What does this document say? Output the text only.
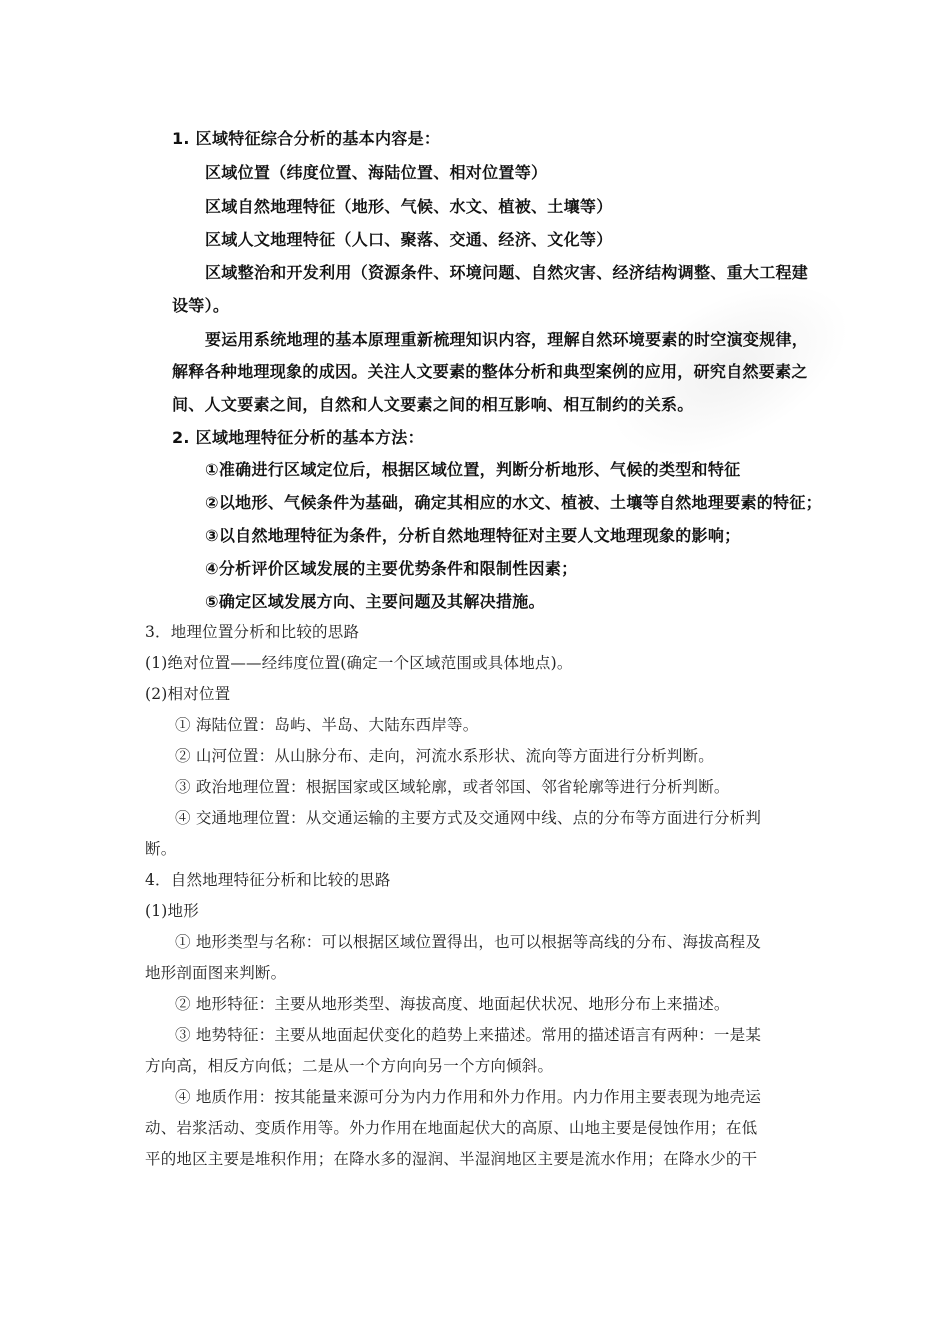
1. 区域特征综合分析的基本内容是：
区域位置（纬度位置、海陆位置、相对位置等）
区域自然地理特征（地形、气候、水文、植被、土壤等）
区域人文地理特征（人口、聚落、交通、经济、文化等）
区域整治和开发利用（资源条件、环境问题、自然灾害、经济结构调整、重大工程建
设等）。
要运用系统地理的基本原理重新梳理知识内容，理解自然环境要素的时空演变规律，
解释各种地理现象的成因。关注人文要素的整体分析和典型案例的应用，研究自然要素之
间、人文要素之间，自然和人文要素之间的相互影响、相互制约的关系。
2. 区域地理特征分析的基本方法：
①准确进行区域定位后，根据区域位置，判断分析地形、气候的类型和特征
②以地形、气候条件为基础，确定其相应的水文、植被、土壤等自然地理要素的特征；
③以自然地理特征为条件，分析自然地理特征对主要人文地理现象的影响；
④分析评价区域发展的主要优势条件和限制性因素；
⑤确定区域发展方向、主要问题及其解决措施。
3．地理位置分析和比较的思路
(1)绝对位置——经纬度位置(确定一个区域范围或具体地点)。
(2)相对位置
① 海陆位置：岛屿、半岛、大陆东西岸等。
② 山河位置：从山脉分布、走向，河流水系形状、流向等方面进行分析判断。
③ 政治地理位置：根据国家或区域轮廓，或者邻国、邻省轮廓等进行分析判断。
④ 交通地理位置：从交通运输的主要方式及交通网中线、点的分布等方面进行分析判
断。
4．自然地理特征分析和比较的思路
(1)地形
① 地形类型与名称：可以根据区域位置得出，也可以根据等高线的分布、海拔高程及
地形剖面图来判断。
② 地形特征：主要从地形类型、海拔高度、地面起伏状况、地形分布上来描述。
③ 地势特征：主要从地面起伏变化的趋势上来描述。常用的描述语言有两种：一是某
方向高，相反方向低；二是从一个方向向另一个方向倾斜。
④ 地质作用：按其能量来源可分为内力作用和外力作用。内力作用主要表现为地壳运
动、岩浆活动、变质作用等。外力作用在地面起伏大的高原、山地主要是侵蚀作用；在低
平的地区主要是堆积作用；在降水多的湿润、半湿润地区主要是流水作用；在降水少的干
